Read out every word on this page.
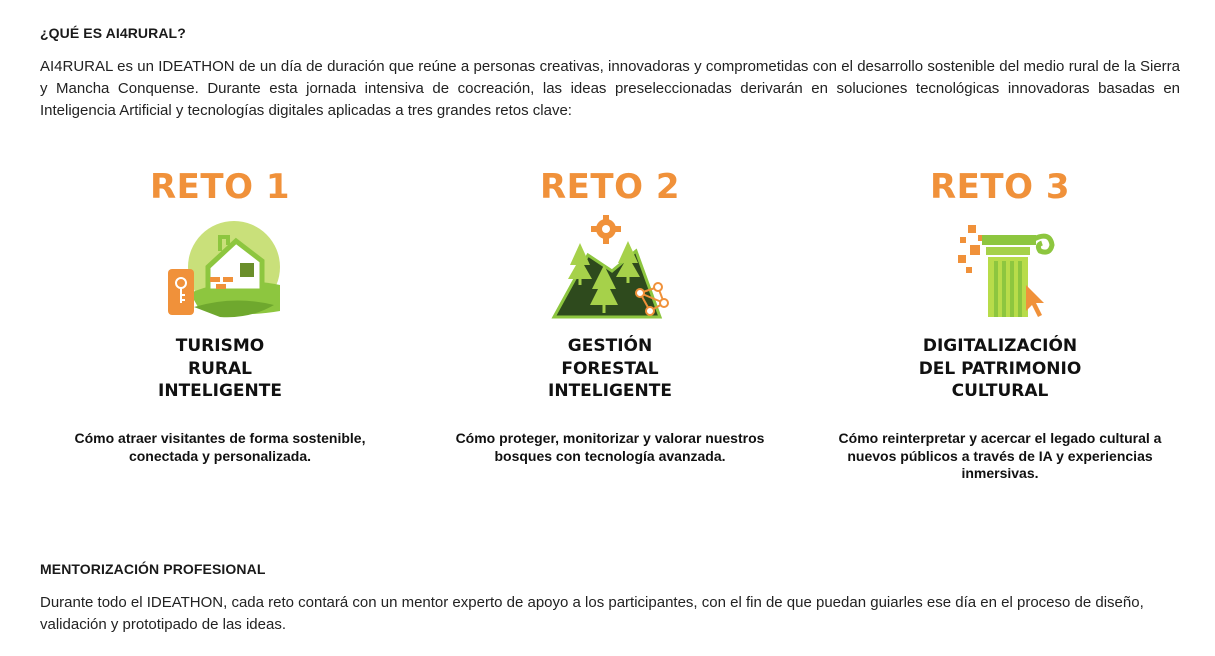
¿QUÉ ES AI4RURAL?
AI4RURAL es un IDEATHON de un día de duración que reúne a personas creativas, innovadoras y comprometidas con el desarrollo sostenible del medio rural de la Sierra y Mancha Conquense. Durante esta jornada intensiva de cocreación, las ideas preseleccionadas derivarán en soluciones tecnológicas innovadoras basadas en Inteligencia Artificial y tecnologías digitales aplicadas a tres grandes retos clave:
RETO 1
TURISMO
RURAL
INTELIGENTE
Cómo atraer visitantes de forma sostenible, conectada y personalizada.
RETO 2
GESTIÓN
FORESTAL
INTELIGENTE
Cómo proteger, monitorizar y valorar nuestros bosques con tecnología avanzada.
RETO 3
DIGITALIZACIÓN
DEL PATRIMONIO
CULTURAL
Cómo reinterpretar y acercar el legado cultural a nuevos públicos a través de IA y experiencias inmersivas.
MENTORIZACIÓN PROFESIONAL
Durante todo el IDEATHON, cada reto contará con un mentor experto de apoyo a los participantes, con el fin de que puedan guiarles ese día en el proceso de diseño, validación y prototipado de las ideas.
